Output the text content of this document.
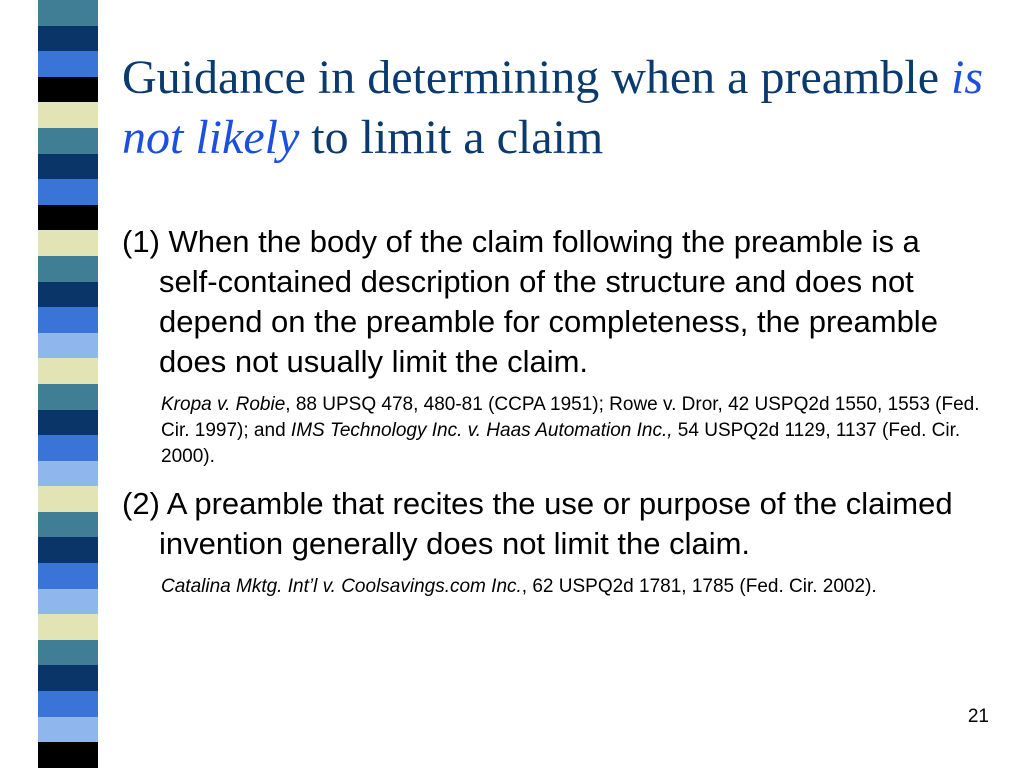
Guidance in determining when a preamble is not likely to limit a claim

(1) When the body of the claim following the preamble is a self-contained description of the structure and does not depend on the preamble for completeness, the preamble does not usually limit the claim.

Kropa v. Robie, 88 UPSQ 478, 480-81 (CCPA 1951); Rowe v. Dror, 42 USPQ2d 1550, 1553 (Fed. Cir. 1997); and IMS Technology Inc. v. Haas Automation Inc., 54 USPQ2d 1129, 1137 (Fed. Cir. 2000).

(2) A preamble that recites the use or purpose of the claimed invention generally does not limit the claim.

Catalina Mktg. Int’l v. Coolsavings.com Inc., 62 USPQ2d 1781, 1785 (Fed. Cir. 2002).

21
